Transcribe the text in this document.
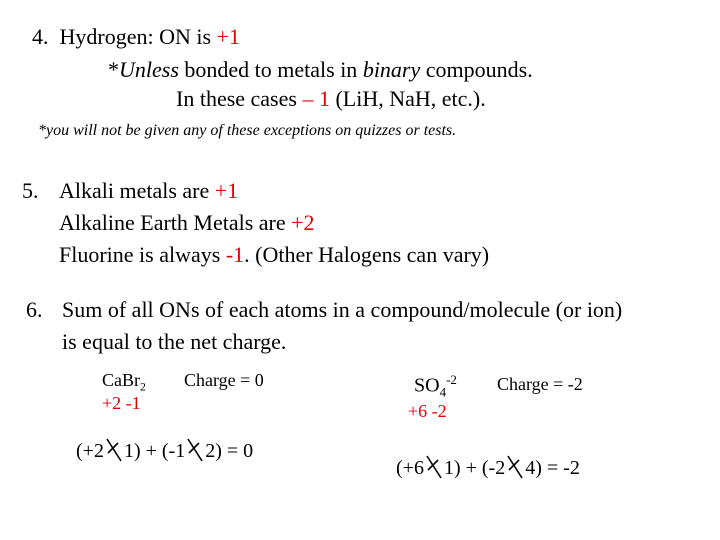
4. Hydrogen: ON is +1
*Unless bonded to metals in binary compounds.
In these cases – 1 (LiH, NaH, etc.).
*you will not be given any of these exceptions on quizzes or tests.
5. Alkali metals are +1
Alkaline Earth Metals are +2
Fluorine is always -1. (Other Halogens can vary)
6. Sum of all ONs of each atoms in a compound/molecule (or ion)
is equal to the net charge.
CaBr$_2$ Charge = 0
+2 -1
(+2 1) + (-1 2) = 0
$SO_4^{-2}$ Charge = -2
+6 -2
(+6 1) + (-2 4) = -2
